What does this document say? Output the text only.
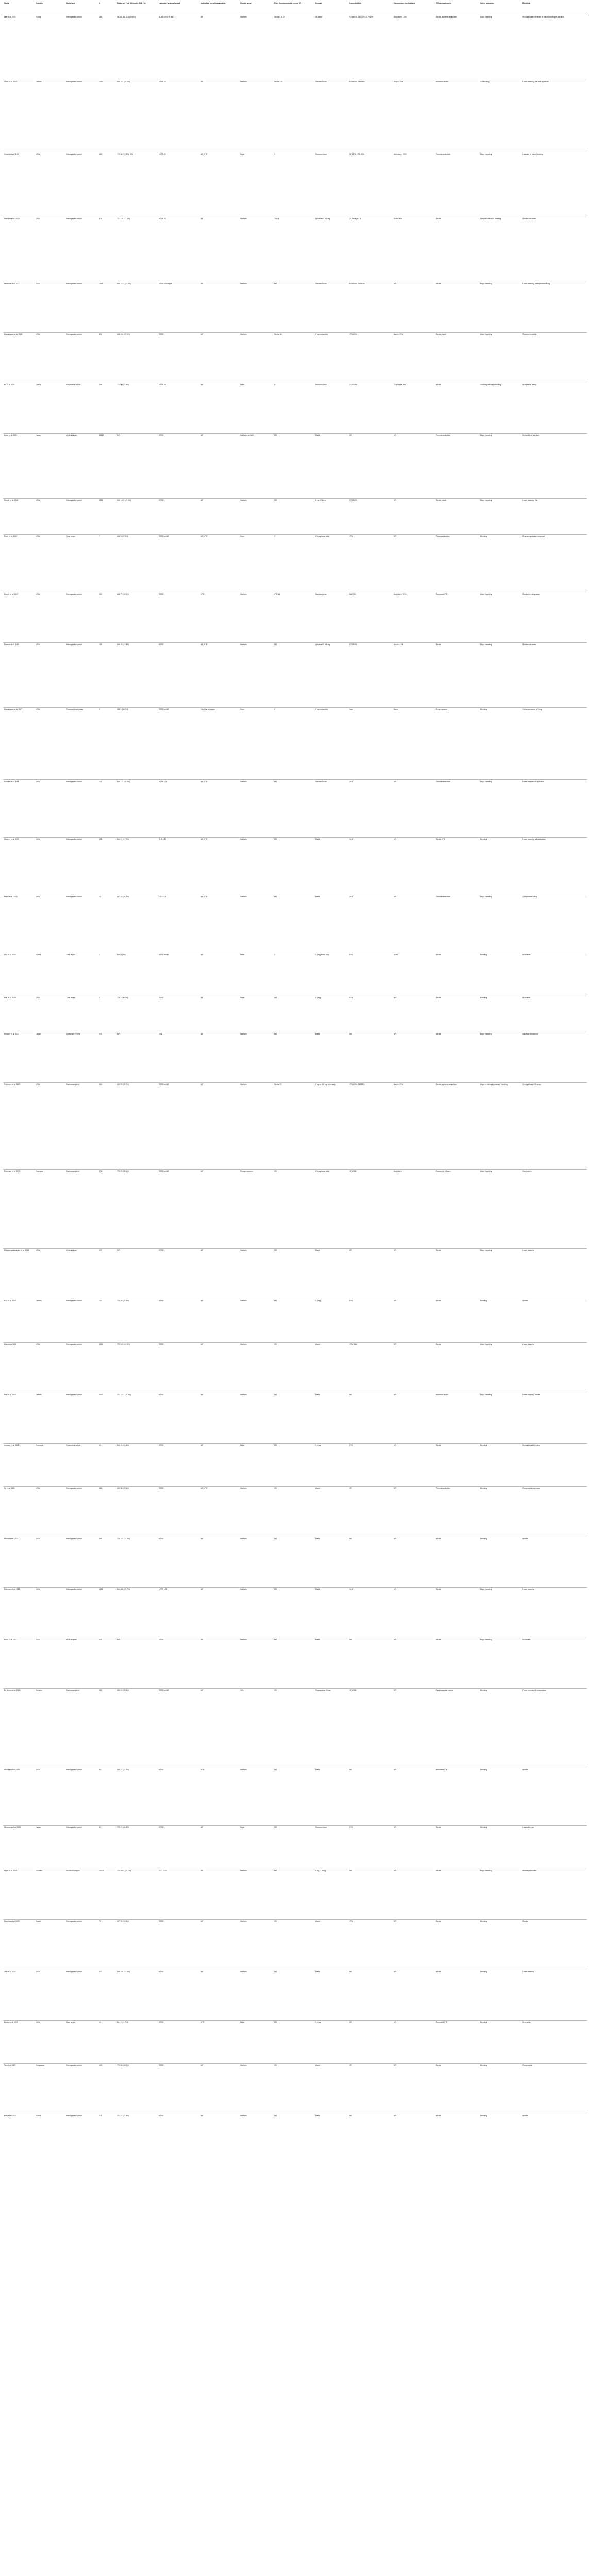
Study	Country	Study type	N	Mean age (yr), N (female), BMI (%)	Laboratory values (mean)	Indication for anticoagulation	Control group	Prior thromboembolic events (N)	Dosage	Comorbidities	Concomitant medications	Efficacy outcomes	Safety outcomes	Bleeding
Lee et al. 2019	Korea	Retrospective cohort	286	NOAC 64, 113 (39.5%)	SCr 1.6, eGFR 43.3	AF	Warfarin	Stroke/TIA 29	Off-label	HTN 81%, DM 37%, DLP 45%	Antiplatelet 12%	Stroke, systemic embolism	Major bleeding	No significant difference in major bleeding vs warfarin
Chan et al. 2019	Taiwan	Retrospective cohort	1450	69, 522 (36.0%)	eGFR 25	AF	Warfarin	Stroke 102	Standard dose	HTN 85%, DM 44%	Aspirin 18%	Ischemic stroke	GI bleeding	Lower bleeding risk with apixaban
Vincent et al. 2019	USA	Retrospective cohort	162	73, 60 (37.0%), 29.1	eGFR 22	AF, VTE	None	3	Reduced dose	HF 34%, HTN 90%	Antiplatelet 25%	Thromboembolism	Major bleeding	Low rate of major bleeding
Herndon et al. 2020	USA	Retrospective cohort	314	71, 148 (47.1%)	eGFR 24	AF	Warfarin	TIA 11	Apixaban 2.5/5 mg	CKD stage 4-5	Statin 66%	Stroke	Hospitalization for bleeding	Similar outcomes
Wetmore et al. 2020	USA	Retrospective cohort	2351	69, 1034 (44.0%)	ESRD on dialysis	AF	Warfarin	NR	Standard dose	HTN 96%, DM 60%	NR	Stroke	Major bleeding	Lower bleeding with apixaban 5 mg
Mavrakanas et al. 2020	USA	Retrospective cohort	521	68, 224 (43.0%)	ESRD	AF	Warfarin	Stroke 41	5 mg twice daily	HTN 94%	Aspirin 30%	Stroke, death	Major bleeding	Reduced mortality
Fu et al. 2021	China	Prospective cohort	208	72, 90 (43.3%)	eGFR 28	AF	None	6	Reduced dose	CAD 28%	Clopidogrel 9%	Stroke	Clinically relevant bleeding	Acceptable safety
Kuno et al. 2020	Japan	Meta-analysis	34569	NR	ESRD	AF	Warfarin, no OAC	NR	Mixed	NR	NR	Thromboembolism	Major bleeding	No benefit of warfarin
Siontis et al. 2018	USA	Retrospective cohort	2351	68, 1069 (45.5%)	ESRD	AF	Warfarin	NR	5 mg, 2.5 mg	HTN 95%	NR	Stroke, death	Major bleeding	Lower bleeding risk
Reed et al. 2018	USA	Case series	7	66, 3 (42.9%)	ESRD on HD	AF, VTE	None	2	2.5 mg twice daily	HTN	NR	Pharmacokinetics	Bleeding	Drug accumulation observed
Sarratt et al. 2017	USA	Retrospective cohort	160	63, 75 (46.9%)	ESRD	VTE	Warfarin	VTE 48	Standard dose	DM 52%	Antiplatelet 31%	Recurrent VTE	Major bleeding	Similar bleeding rates
Stanton et al. 2017	USA	Retrospective cohort	146	68, 70 (47.9%)	ESRD	AF, VTE	Warfarin	NR	Apixaban 2.5/5 mg	HTN 92%	Aspirin 41%	Stroke	Major bleeding	Similar outcomes
Mavrakanas et al. 2017	USA	Pharmacokinetic study	8	58, 4 (50.0%)	ESRD on HD	Healthy volunteers	None	0	5 mg twice daily	None	None	Drug exposure	Bleeding	Higher exposure at 5 mg
Schafer et al. 2018	USA	Retrospective cohort	251	65, 113 (45.0%)	eGFR < 25	AF, VTE	Warfarin	NR	Standard dose	CKD	NR	Thromboembolism	Major bleeding	Fewer bleeds with apixaban
Steuber et al. 2019	USA	Retrospective cohort	128	66, 61 (47.7%)	CrCl < 25	AF, VTE	Warfarin	NR	Mixed	CKD	NR	Stroke, VTE	Bleeding	Lower bleeding with apixaban
Hanni et al. 2020	USA	Retrospective cohort	73	67, 33 (45.2%)	CrCl < 25	AF, VTE	Warfarin	NR	Mixed	CKD	NR	Thromboembolism	Major bleeding	Comparable safety
Cho et al. 2020	Korea	Case report	1	65, 0 (0%)	ESRD on HD	AF	None	1	2.5 mg twice daily	HTN	None	Stroke	Bleeding	No events
Ellis et al. 2016	USA	Case series	4	70, 2 (50.0%)	ESRD	AF	None	NR	2.5 mg	HTN	NR	Stroke	Bleeding	No events
Kimachi et al. 2017	Japan	Systematic review	NR	NR	CKD	AF	Warfarin	NR	Mixed	NR	NR	Stroke	Major bleeding	Insufficient evidence
Pokorney et al. 2022	USA	Randomized trial	154	69, 55 (35.7%)	ESRD on HD	AF	Warfarin	Stroke 20	5 mg or 2.5 mg twice daily	HTN 98%, DM 58%	Aspirin 32%	Stroke, systemic embolism	Major or clinically relevant bleeding	No significant difference
Reinecke et al. 2023	Germany	Randomized trial	222	75, 63 (28.4%)	ESRD on HD	AF	Phenprocoumon	NR	2.5 mg twice daily	HF, CAD	Antiplatelet	Composite efficacy	Major bleeding	Non-inferior
Chokesuwattanaskul et al. 2018	USA	Meta-analysis	NR	NR	ESRD	AF	Warfarin	NR	Mixed	NR	NR	Stroke	Major bleeding	Lower bleeding
Kao et al. 2019	Taiwan	Retrospective cohort	102	70, 46 (45.1%)	ESRD	AF	Warfarin	NR	2.5 mg	HTN	NR	Stroke	Bleeding	Similar
Miao et al. 2020	USA	Retrospective cohort	1203	72, 540 (44.9%)	ESRD	AF	Warfarin	NR	Mixed	HTN, DM	NR	Stroke	Major bleeding	Lower bleeding
See et al. 2020	Taiwan	Retrospective cohort	4002	71, 1831 (45.8%)	ESRD	AF	Warfarin	NR	Mixed	NR	NR	Ischemic stroke	Major bleeding	Fewer bleeding events
Ionescu et al. 2021	Romania	Prospective cohort	63	68, 28 (44.4%)	ESRD	AF	None	NR	2.5 mg	HTN	NR	Stroke	Bleeding	No significant bleeding
Sy et al. 2021	USA	Retrospective cohort	188	69, 80 (42.6%)	ESRD	AF, VTE	Warfarin	NR	Mixed	NR	NR	Thromboembolism	Bleeding	Comparable outcomes
Makani et al. 2021	USA	Retrospective cohort	366	70, 162 (44.3%)	ESRD	AF	Warfarin	NR	Mixed	NR	NR	Stroke	Bleeding	Similar
Coleman et al. 2019	USA	Retrospective cohort	1896	66, 828 (43.7%)	eGFR < 15	AF	Warfarin	NR	Mixed	CKD	NR	Stroke	Major bleeding	Lower bleeding
Kuno et al. 2021	USA	Meta-analysis	NR	NR	ESRD	AF	Warfarin	NR	Mixed	NR	NR	Stroke	Major bleeding	No benefit
De Vriese et al. 2021	Belgium	Randomized trial	132	80, 44 (33.3%)	ESRD on HD	AF	VKA	NR	Rivaroxaban 10 mg	HF, CAD	NR	Cardiovascular events	Bleeding	Fewer events with rivaroxaban
Abdullah et al. 2021	USA	Retrospective cohort	96	64, 41 (42.7%)	ESRD	VTE	Warfarin	NR	Mixed	NR	NR	Recurrent VTE	Bleeding	Similar
Nishimura et al. 2020	Japan	Retrospective cohort	52	72, 21 (40.4%)	ESRD	AF	None	NR	Reduced dose	HTN	NR	Stroke	Bleeding	Low event rate
Hijazi et al. 2016	Sweden	Post hoc analysis	18201	70, 6562 (36.1%)	CrCl 25-30	AF	Warfarin	NR	5 mg, 2.5 mg	NR	NR	Stroke	Major bleeding	Benefit preserved
Sanches et al. 2022	Brazil	Retrospective cohort	75	67, 31 (41.3%)	ESRD	AF	Warfarin	NR	Mixed	HTN	NR	Stroke	Bleeding	Similar
Jain et al. 2022	USA	Retrospective cohort	427	68, 190 (44.5%)	ESRD	AF	Warfarin	NR	Mixed	NR	NR	Stroke	Bleeding	Lower bleeding
Brown et al. 2023	USA	Case series	12	61, 5 (41.7%)	ESRD	VTE	None	NR	2.5 mg	NR	NR	Recurrent VTE	Bleeding	No events
Tan et al. 2023	Singapore	Retrospective cohort	143	70, 66 (46.2%)	ESRD	AF	Warfarin	NR	Mixed	NR	NR	Stroke	Bleeding	Comparable
Park et al. 2023	Korea	Retrospective cohort	219	71, 97 (44.3%)	ESRD	AF	Warfarin	NR	Mixed	NR	NR	Stroke	Bleeding	Similar
